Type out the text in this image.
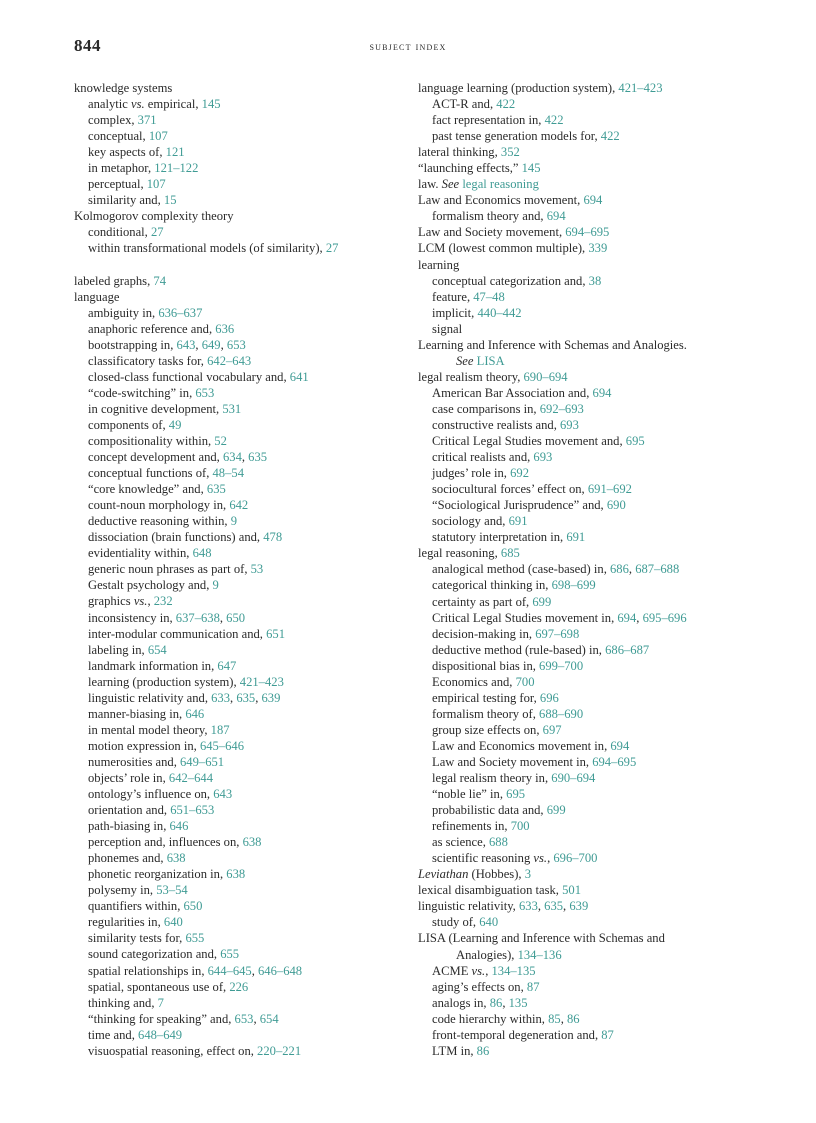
844	subject index
knowledge systems
analytic vs. empirical, 145
complex, 371
conceptual, 107
key aspects of, 121
in metaphor, 121–122
perceptual, 107
similarity and, 15
Kolmogorov complexity theory
conditional, 27
within transformational models (of similarity), 27
labeled graphs, 74
language
ambiguity in, 636–637
anaphoric reference and, 636
bootstrapping in, 643, 649, 653
classificatory tasks for, 642–643
closed-class functional vocabulary and, 641
“code-switching” in, 653
in cognitive development, 531
components of, 49
compositionality within, 52
concept development and, 634, 635
conceptual functions of, 48–54
“core knowledge” and, 635
count-noun morphology in, 642
deductive reasoning within, 9
dissociation (brain functions) and, 478
evidentiality within, 648
generic noun phrases as part of, 53
Gestalt psychology and, 9
graphics vs., 232
inconsistency in, 637–638, 650
inter-modular communication and, 651
labeling in, 654
landmark information in, 647
learning (production system), 421–423
linguistic relativity and, 633, 635, 639
manner-biasing in, 646
in mental model theory, 187
motion expression in, 645–646
numerosities and, 649–651
objects’ role in, 642–644
ontology’s influence on, 643
orientation and, 651–653
path-biasing in, 646
perception and, influences on, 638
phonemes and, 638
phonetic reorganization in, 638
polysemy in, 53–54
quantifiers within, 650
regularities in, 640
similarity tests for, 655
sound categorization and, 655
spatial relationships in, 644–645, 646–648
spatial, spontaneous use of, 226
thinking and, 7
“thinking for speaking” and, 653, 654
time and, 648–649
visuospatial reasoning, effect on, 220–221
language learning (production system), 421–423
ACT-R and, 422
fact representation in, 422
past tense generation models for, 422
lateral thinking, 352
“launching effects,” 145
law. See legal reasoning
Law and Economics movement, 694
formalism theory and, 694
Law and Society movement, 694–695
LCM (lowest common multiple), 339
learning
conceptual categorization and, 38
feature, 47–48
implicit, 440–442
signal
Learning and Inference with Schemas and Analogies.
See LISA
legal realism theory, 690–694
American Bar Association and, 694
case comparisons in, 692–693
constructive realists and, 693
Critical Legal Studies movement and, 695
critical realists and, 693
judges’ role in, 692
sociocultural forces’ effect on, 691–692
“Sociological Jurisprudence” and, 690
sociology and, 691
statutory interpretation in, 691
legal reasoning, 685
analogical method (case-based) in, 686, 687–688
categorical thinking in, 698–699
certainty as part of, 699
Critical Legal Studies movement in, 694, 695–696
decision-making in, 697–698
deductive method (rule-based) in, 686–687
dispositional bias in, 699–700
Economics and, 700
empirical testing for, 696
formalism theory of, 688–690
group size effects on, 697
Law and Economics movement in, 694
Law and Society movement in, 694–695
legal realism theory in, 690–694
“noble lie” in, 695
probabilistic data and, 699
refinements in, 700
as science, 688
scientific reasoning vs., 696–700
Leviathan (Hobbes), 3
lexical disambiguation task, 501
linguistic relativity, 633, 635, 639
study of, 640
LISA (Learning and Inference with Schemas and
Analogies), 134–136
ACME vs., 134–135
aging’s effects on, 87
analogs in, 86, 135
code hierarchy within, 85, 86
front-temporal degeneration and, 87
LTM in, 86
